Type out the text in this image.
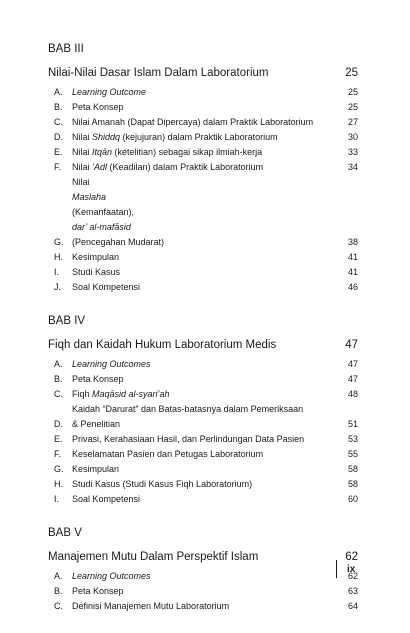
BAB III
Nilai-Nilai Dasar Islam Dalam Laboratorium	25
A.	Learning Outcome	25
B.	Peta Konsep	25
C.	Nilai Amanah (Dapat Dipercaya) dalam Praktik Laboratorium	27
D.	Nilai Shiddq (kejujuran) dalam Praktik Laboratorium	30
E.	Nilai Itqān (ketelitian) sebagai sikap ilmiah-kerja	33
F.	Nilai ‘Adl (Keadilan) dalam Praktik Laboratorium	34
G.
Nilai
Maslaha
(Kemanfaatan),
dar’ al-mafāsid
(Pencegahan Mudarat)	38
H.	Kesimpulan	41
I.	Studi Kasus	41
J.	Soal Kompetensi	46
BAB IV
Fiqh dan Kaidah Hukum Laboratorium Medis	47
A.	Learning Outcomes	47
B.	Peta Konsep	47
C.	Fiqh Maqāsid al-syari’ah	48
D.
Kaidah “Darurat” dan Batas-batasnya dalam Pemeriksaan
& Penelitian	51
E.	Privasi, Kerahasiaan Hasil, dan Perlindungan Data Pasien	53
F.	Keselamatan Pasien dan Petugas Laboratorium	55
G. Kesimpulan	58
H.	Studi Kasus (Studi Kasus Fiqh Laboratorium)	58
I.	Soal Kompetensi	60
BAB V
Manajemen Mutu Dalam Perspektif Islam	62
A.	Learning Outcomes	62
B.	Peta Konsep	63
C.	Definisi Manajemen Mutu Laboratorium	64
ix
